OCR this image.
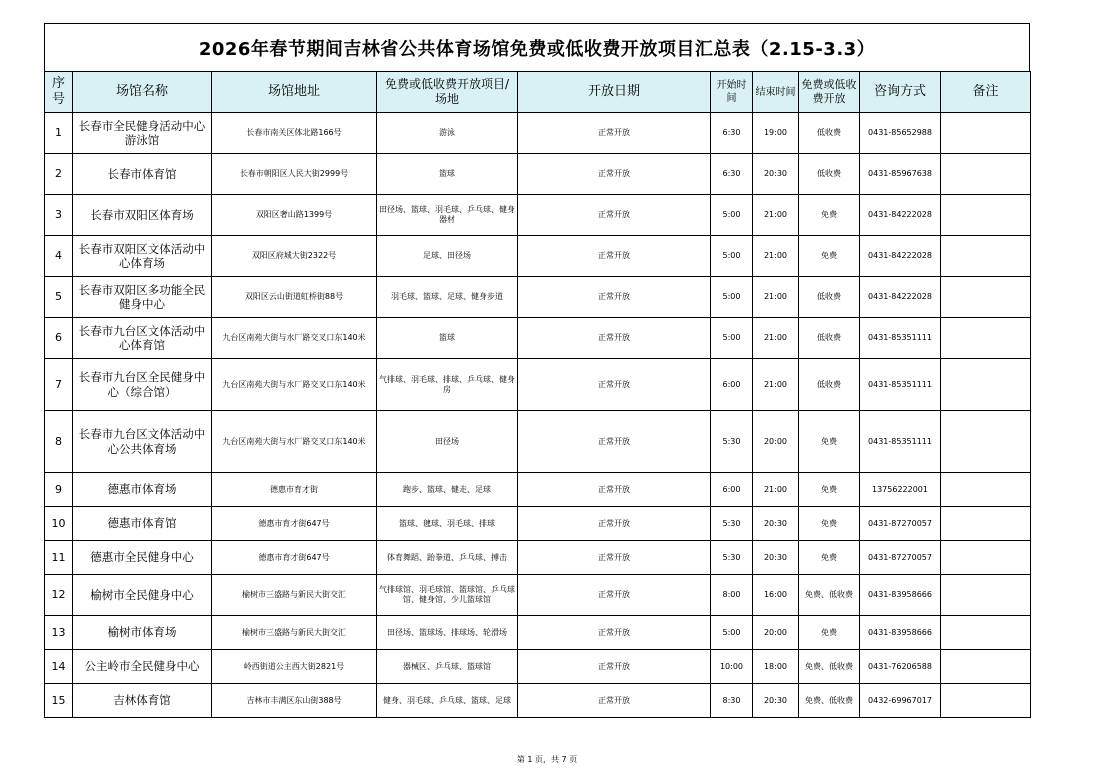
2026年春节期间吉林省公共体育场馆免费或低收费开放项目汇总表（2.15-3.3）
序号	场馆名称	场馆地址	免费或低收费开放项目/场地	开放日期	开始时间	结束时间	免费或低收费开放	咨询方式	备注
1	长春市全民健身活动中心游泳馆	长春市南关区体北路166号	游泳	正常开放	6:30	19:00	低收费	0431-85652988	
2	长春市体育馆	长春市朝阳区人民大街2999号	篮球	正常开放	6:30	20:30	低收费	0431-85967638	
3	长春市双阳区体育场	双阳区奢山路1399号	田径场、篮球、羽毛球、乒乓球、健身器材	正常开放	5:00	21:00	免费	0431-84222028	
4	长春市双阳区文体活动中心体育场	双阳区府城大街2322号	足球、田径场	正常开放	5:00	21:00	免费	0431-84222028	
5	长春市双阳区多功能全民健身中心	双阳区云山街道虹桥街88号	羽毛球、篮球、足球、健身步道	正常开放	5:00	21:00	低收费	0431-84222028	
6	长春市九台区文体活动中心体育馆	九台区南苑大街与水厂路交叉口东140米	篮球	正常开放	5:00	21:00	低收费	0431-85351111	
7	长春市九台区全民健身中心（综合馆）	九台区南苑大街与水厂路交叉口东140米	气排球、羽毛球、排球、乒乓球、健身房	正常开放	6:00	21:00	低收费	0431-85351111	
8	长春市九台区文体活动中心公共体育场	九台区南苑大街与水厂路交叉口东140米	田径场	正常开放	5:30	20:00	免费	0431-85351111	
9	德惠市体育场	德惠市育才街	跑步、篮球、健走、足球	正常开放	6:00	21:00	免费	13756222001	
10	德惠市体育馆	德惠市育才街647号	篮球、毽球、羽毛球、排球	正常开放	5:30	20:30	免费	0431-87270057	
11	德惠市全民健身中心	德惠市育才街647号	体育舞蹈、跆拳道、乒乓球、搏击	正常开放	5:30	20:30	免费	0431-87270057	
12	榆树市全民健身中心	榆树市三盛路与新民大街交汇	气排球馆、羽毛球馆、篮球馆、乒乓球馆、健身馆、少儿篮球馆	正常开放	8:00	16:00	免费、低收费	0431-83958666	
13	榆树市体育场	榆树市三盛路与新民大街交汇	田径场、篮球场、排球场、轮滑场	正常开放	5:00	20:00	免费	0431-83958666	
14	公主岭市全民健身中心	岭西街道公主西大街2821号	器械区、乒乓球、篮球馆	正常开放	10:00	18:00	免费、低收费	0431-76206588	
15	吉林体育馆	吉林市丰满区东山街388号	健身、羽毛球、乒乓球、篮球、足球	正常开放	8:30	20:30	免费、低收费	0432-69967017	
第 1 页，共 7 页
